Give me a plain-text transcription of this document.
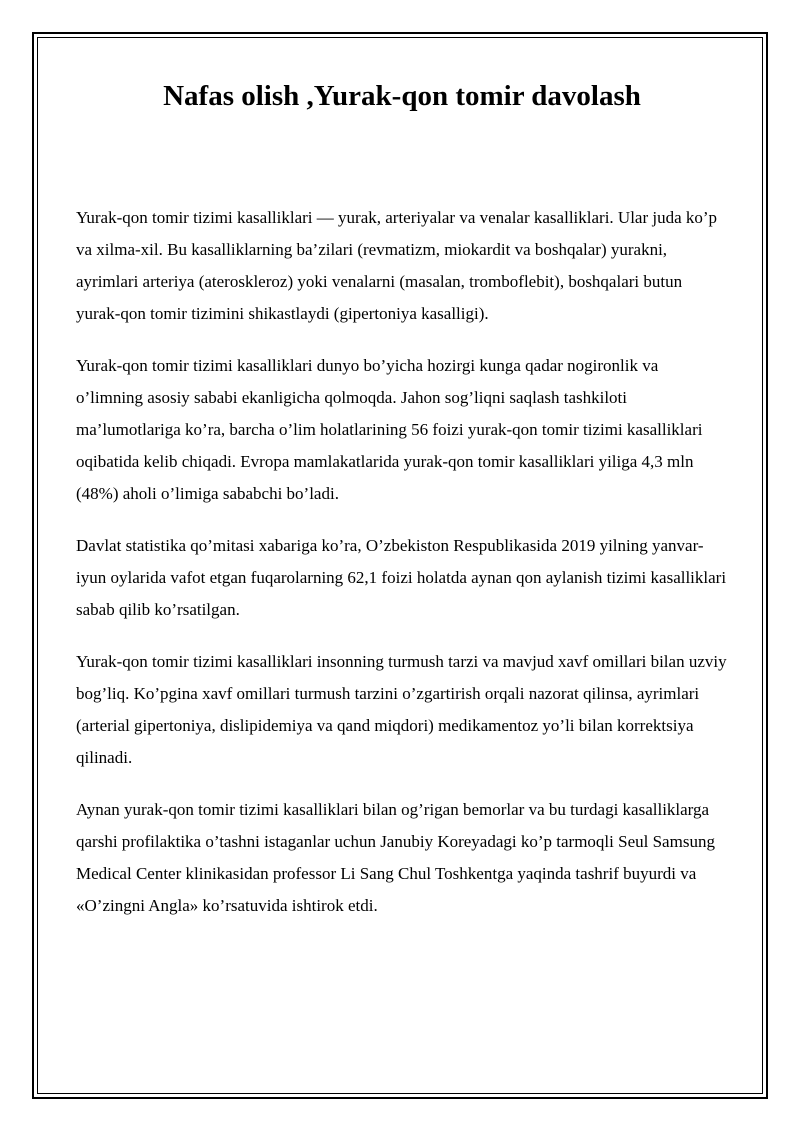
Nafas olish ,Yurak-qon tomir davolash

Yurak-qon tomir tizimi kasalliklari — yurak, arteriyalar va venalar kasalliklari. Ular juda ko’p va xilma-xil. Bu kasalliklarning ba’zilari (revmatizm, miokardit va boshqalar) yurakni, ayrimlari arteriya (ateroskleroz) yoki venalarni (masalan, tromboflebit), boshqalari butun yurak-qon tomir tizimini shikastlaydi (gipertoniya kasalligi).

Yurak-qon tomir tizimi kasalliklari dunyo bo’yicha hozirgi kunga qadar nogironlik va o’limning asosiy sababi ekanligicha qolmoqda. Jahon sog’liqni saqlash tashkiloti ma’lumotlariga ko’ra, barcha o’lim holatlarining 56 foizi yurak-qon tomir tizimi kasalliklari oqibatida kelib chiqadi. Evropa mamlakatlarida yurak-qon tomir kasalliklari yiliga 4,3 mln (48%) aholi o’limiga sababchi bo’ladi.

Davlat statistika qo’mitasi xabariga ko’ra, O’zbekiston Respublikasida 2019 yilning yanvar-iyun oylarida vafot etgan fuqarolarning 62,1 foizi holatda aynan qon aylanish tizimi kasalliklari sabab qilib ko’rsatilgan.

Yurak-qon tomir tizimi kasalliklari insonning turmush tarzi va mavjud xavf omillari bilan uzviy bog’liq. Ko’pgina xavf omillari turmush tarzini o’zgartirish orqali nazorat qilinsa, ayrimlari (arterial gipertoniya, dislipidemiya va qand miqdori) medikamentoz yo’li bilan korrektsiya qilinadi.

Aynan yurak-qon tomir tizimi kasalliklari bilan og’rigan bemorlar va bu turdagi kasalliklarga qarshi profilaktika o’tashni istaganlar uchun Janubiy Koreyadagi ko’p tarmoqli Seul Samsung Medical Center klinikasidan professor Li Sang Chul Toshkentga yaqinda tashrif buyurdi va «O’zingni Angla» ko’rsatuvida ishtirok etdi.
